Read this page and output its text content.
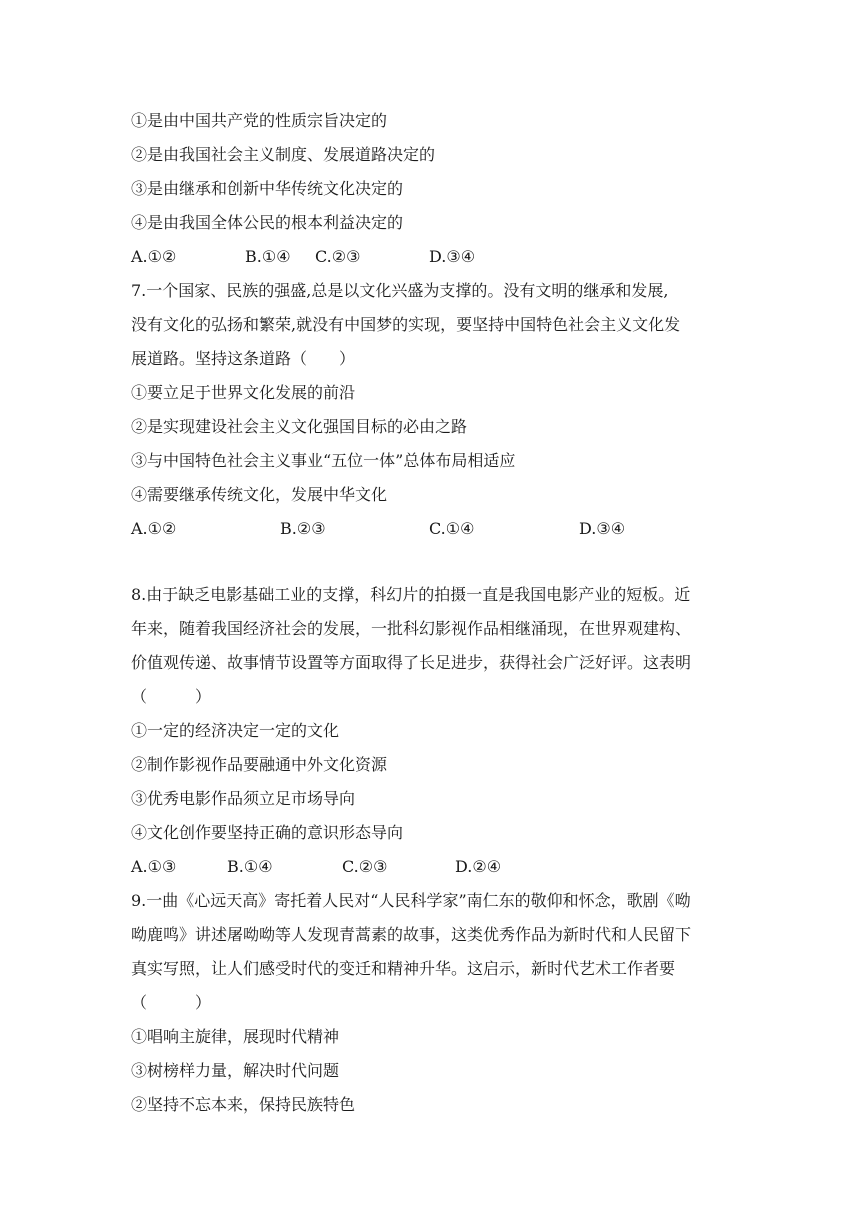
①是由中国共产党的性质宗旨决定的
②是由我国社会主义制度、发展道路决定的
③是由继承和创新中华传统文化决定的
④是由我国全体公民的根本利益决定的
A.①②	B.①④ C.②③	D.③④
7.一个国家、民族的强盛,总是以文化兴盛为支撑的。没有文明的继承和发展,
没有文化的弘扬和繁荣,就没有中国梦的实现，要坚持中国特色社会主义文化发
展道路。坚持这条道路（　　）
①要立足于世界文化发展的前沿
②是实现建设社会主义文化强国目标的必由之路
③与中国特色社会主义事业“五位一体”总体布局相适应
④需要继承传统文化，发展中华文化
A.①②	B.②③	C.①④	D.③④
8.由于缺乏电影基础工业的支撑，科幻片的拍摄一直是我国电影产业的短板。近
年来，随着我国经济社会的发展，一批科幻影视作品相继涌现，在世界观建构、
价值观传递、故事情节设置等方面取得了长足进步，获得社会广泛好评。这表明
（　　　）
①一定的经济决定一定的文化
②制作影视作品要融通中外文化资源
③优秀电影作品须立足市场导向
④文化创作要坚持正确的意识形态导向
A.①③	B.①④	C.②③	D.②④
9.一曲《心远天高》寄托着人民对“人民科学家”南仁东的敬仰和怀念，歌剧《呦
呦鹿鸣》讲述屠呦呦等人发现青蒿素的故事，这类优秀作品为新时代和人民留下
真实写照，让人们感受时代的变迁和精神升华。这启示，新时代艺术工作者要
（　　　）
①唱响主旋律，展现时代精神
③树榜样力量，解决时代问题
②坚持不忘本来，保持民族特色
